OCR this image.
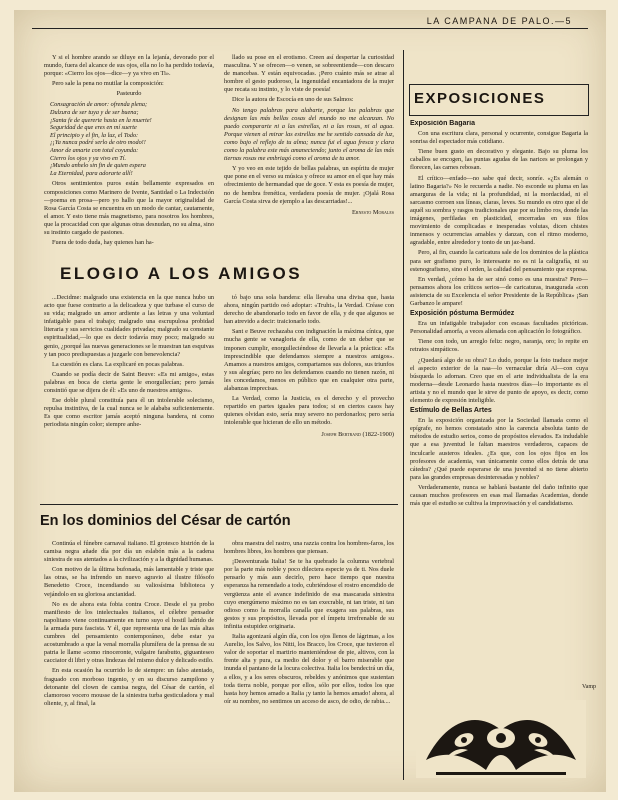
LA CAMPANA DE PALO.—5

Y si el hombre arando se diluye en la lejanía, devorado por el mundo, fuera del alcance de sus ojos, ella no lo ha perdido todavía, porque: «Cierro los ojos—dice—y ya vivo en Ti».

Pero sale la pena no mutilar la composición:

Pasteurdo
Consagración de amor: ofrenda plena;
Dulzura de ser tuya y de ser buena;
¡Santa fe de quererte hasta en la muerte!
Seguridad de que eres en mí suerte
El principio y el fin, la luz, el Todo:
¡¡Ya nunca podré serlo de otro modo!!
Amor de amarte con total coyunda:
Cierro los ojos y ya vivo en Tí.
¡Mundo anhelo sin fin de quien espera
La Eternidad, para adorarte allí!

Otros sentimientos puros están bellamente expresados en composiciones como Marinero de Ivente, Santidad o La Indecisión—poema en prosa—pero yo hallo que la mayor originalidad de Rosa García Costa se encuentra en un modo de cantar, cautamente, el amor. Y esto tiene más magnetismo, para nosotros los hombres, que la procacidad con que algunas otras desnudan, no su alma, sino su instinto cargado de pasiones.

Fuera de todo duda, hay quienes han ha-

llado su pose en el erotismo. Creen así despertar la curiosidad masculina. Y se ofrecen—o venen, se sobreentiende—con descaro de mancebas. Y están equivocadas. ¡Pero cuánto más se atrae al hombre el gesto pudoroso, la ingenuidad encantadora de la mujer que recata su instinto, y lo viste de poesía!

Dice la autora de Escocía en uno de sus Salmos:

No tengo palabras para alabarte, porque las palabras que designan las más bellas cosas del mundo no me alcanzan. No puedo compararte ni a las estrellas, ni a las rosas, ni al agua. Porque vienen al mirar las estrellas me he sentido cansada de luz, como bajo el reflejo de tu alma; nunca fui el agua fresca y clara como la palabra este más amaneciendo; junto el aroma de las más tiernas rosas me embriagó como el aroma de tu amor.

Y yo veo en este tejido de bellas palabras, un espíritu de mujer que pone en el verso su música y ofrece su amor en el que hay más ofrecimiento de hermandad que de goce. Y esta es poesía de mujer, no de hembra frenética, verdadera poesía de mujer. ¡Ojalá Rosa García Costa sirva de ejemplo a las descarriadas!...

Ernesto Morales
ELOGIO A LOS AMIGOS

...Decidme: malgrado una existencia en la que nunca hubo un acto que fuese contrario a la delicadeza y que turbase el curso de su vida; malgrado un amor ardiente a las letras y una voluntad infatigable para el trabajo; malgrado una escrupulosa probidad literaria y sus servicios cualidades privadas; malgrado su constante espiritualidad,—lo que es decir todavía muy poco; malgrado su genio, ¿porqué las nuevas generaciones se le muestran tan esquivas y tan poco predispuestas a juzgarle con benevolencia?

La cuestión es clara. La explicaré en pocas palabras.

Cuando se podía decir de Saint Beuve: «Es mi amigo», estas palabras en boca de cierta gente le enorgullecían; pero jamás consintió que se dijera de él: «Es uno de nuestros amigos».

Ese doble plural constituía para él un intolerable solecismo, repulsa instintiva, de la cual nunca se le alababa suficientemente. Es que como escritor jamás aceptó ninguna bandera, ni como periodista ningún color; siempre anhe-

tó bajo una sola bandera: ella llevaba una divisa que, hasta ahora, ningún partido osó adoptar: «Truht», la Verdad. Créase con derecho de abandonarlo todo en favor de ella, y de que algunos se han atrevido a decir: traicionarlo todo.

Sant e Beuve rechazaba con indignación la máxima cínica, que mucha gente se vanagloria de ella, como de un deber que se imponen cumplir, enorgulleciéndose de llevarla a la práctica: «Es imprescindible que defendamos siempre a nuestros amigos». Amamos a nuestros amigos, compartamos sus dolores, sus triunfos y sus alegrías; pero no les defendamos cuando no tienen razón, ni les concedamos, menos en público que en cualquier otra parte, alabanzas imprecisas.

La Verdad, como la Justicia, es el derecho y el provecho repartido en partes iguales para todos; si en ciertos casos hay quienes olvidan esto, sería muy severo no perdonarlos; pero sería intolerable que hicieran de ello un método.

Joseph Bertrand (1822-1900)
En los dominios del César de cartón

Continúa el fúnebre carnaval italiano. El grotesco histrión de la camisa negra añade día por día un eslabón más a la cadena siniestra de sus atentados a la civilización y a la dignidad humanas.

Con motivo de la última bufonada, más lamentable y triste que las otras, se ha infrendo un nuevo agravio al ilustre filósofo Benedetto Croce, incendiando su valiosísima biblioteca y vejándolo en su gloriosa ancianidad.

No es de ahora esta fobia contra Croce. Desde el ya probo manifiesto de los intelectuales italianos, el célebre pensador napolitano viene continuamente en turno suyo el hostil ladrido de la armada pura fascista. Y él, que representa una de las más altas cumbres del pensamiento contemporáneo, debe estar ya acostumbrado a que la venal morralla plumífera de la prensa de su patria le llame «como rinoceronte, vulgaire farabutto, giguanteseo cacciator di libri y otras lindezas del mismo dulce y delicado estilo.

En esta ocasión ha ocurrido lo de siempre: un falso atentado, fraguado con morboso ingenio, y en su discurso zampilono y detonante del clown de camisa negra, del César de cartón, el clamoroso vocero mousse de la siniestra turba gesticuladora y mal oliente, y, al final, la

obra maestra del rastro, una razzia contra los hombres-faros, los hombres libres, los hombres que piensan.

¡Desventurada Italia! Se te ha quebrado la columna vertebral por la parte más noble y poco dilectera especie ya de ti. Nos duele pensarlo y más aun decirlo, pero hace tiempo que nuestra esperanza ha remendado a todo, cubriéndose el rostro encendido de vergüenza ante el avance indefinido de esa mascarada siniestra cuyo energúmeno máximo no es tan execrable, ni tan triste, ni tan odioso como la morralla canalla que exagera sus palabras, sus gestos y sus propósitos, llevada por el ímpetu irrefrenable de su infinita estupidez originaria.

Italia agonizará algún día, con los ojos llenos de lágrimas, a los Aurelio, los Salvo, los Nitti, los Bracco, los Croce, que tuvieron el valor de soportar el martirio manteniéndose de pie, altivos, con la frente alta y pura, ca medio del dolor y el barro miserable que inunda el pantano de la locura colectiva. Italia los bendecirá un día, a ellos, y a los seres obscuros, rebeldes y anónimos que sustentan toda tierra noble, porque por ellos, sólo por ellos, todos los que hasta hoy hemos amado a Italia ¡y tanto la hemos amado! ahora, al oír su nombre, no sentimos un acceso de asco, de odio, de rabia....

EXPOSICIONES

Exposición Bagaria

Con una escritura clara, personal y ocurrente, consigue Bagaria la sonrisa del espectador más cotidiano.

Tiene buen gusto en decorativo y elegante. Bajo su pluma los caballos se encogen, las puntas agudas de las narices se prolongan y florecen, las carnes rebosan.

El crítico—enfado—no sabe qué decir, sonríe. «¿Es alemán o latino Bagaria?» No le recuerda a nadie. No esconde su pluma en las amarguras de la vida; ni la profundidad, ni la mordacidad, ni el sarcasmo corroen sus líneas, claras, leves. Su mundo es otro que el de aquél su sombra y rasgos tradicionales que por su limbo ros, donde las imágenes, perfiladas en plasticidad, encerradas en sus filos movimiento de complicadas e inesperadas volutas, dicen chistes inmensos y ocurrencias amables y danzan, con el ritmo moderno, agradable, entre alrededor y tonto de un jaz-band.

Pero, al fin, cuando la caricatura sale de los dominios de la plástica para ser grafismo puro, lo interesante no es ni la caligrafía, ni su estenografismo, sino el orden, la calidad del pensamiento que expresa.

En verdad, ¿cómo ha de ser sinó como es una muestra? Pero—pensamos ahora los críticos serios—de caricaturas, inaugurada «con asistencia de su Excelencia el señor Presidente de la República» ¡San Garbanzo le ampare!

Exposición póstuma Bermúdez

Era un infatigable trabajador con escasas facultades pictóricas. Personalidad amorfa, a veces alienada con aplicación lo fotográfico.

Tiene con todo, un arreglo feliz: negro, naranja, oro; lo repite en retratos simpáticos.

¿Quedará algo de su obra? Lo dudo, porque la foto traduce mejor el aspecto exterior de la naa—lo vernacular diría Al—con cuya búsqueda lo adornan. Creo que en el arte individualista de la era moderna—desde Leonardo hasta nuestros días—lo importante es el artista y no el mundo que le sirve de punto de apoyo, es decir, como elemento de expresión inteligible.

Estímulo de Bellas Artes

En la exposición organizada por la Sociedad llamada como el epígrafe, no hemos constatado sino la carencia absoluta tanto de métodos de estudio serios, como de propósitos elevados. Es indudable que a esa juventud le faltan maestros verdaderos, capaces de inculcarle austeros ideales. ¿Es que, con los ojos fijos en los profesores de academia, van únicamente como ellos detrás de una cátedra? ¿Qué puede esperarse de una juventud si no tiene abierto para las grandes empresas desinteresadas y nobles?

Verdaderamente, nunca se hablará bastante del daño infinito que causan muchos profesores en esas mal llamadas Academias, donde más que el estudio se cultiva la improvisación y el candidatismo.

Vamp
